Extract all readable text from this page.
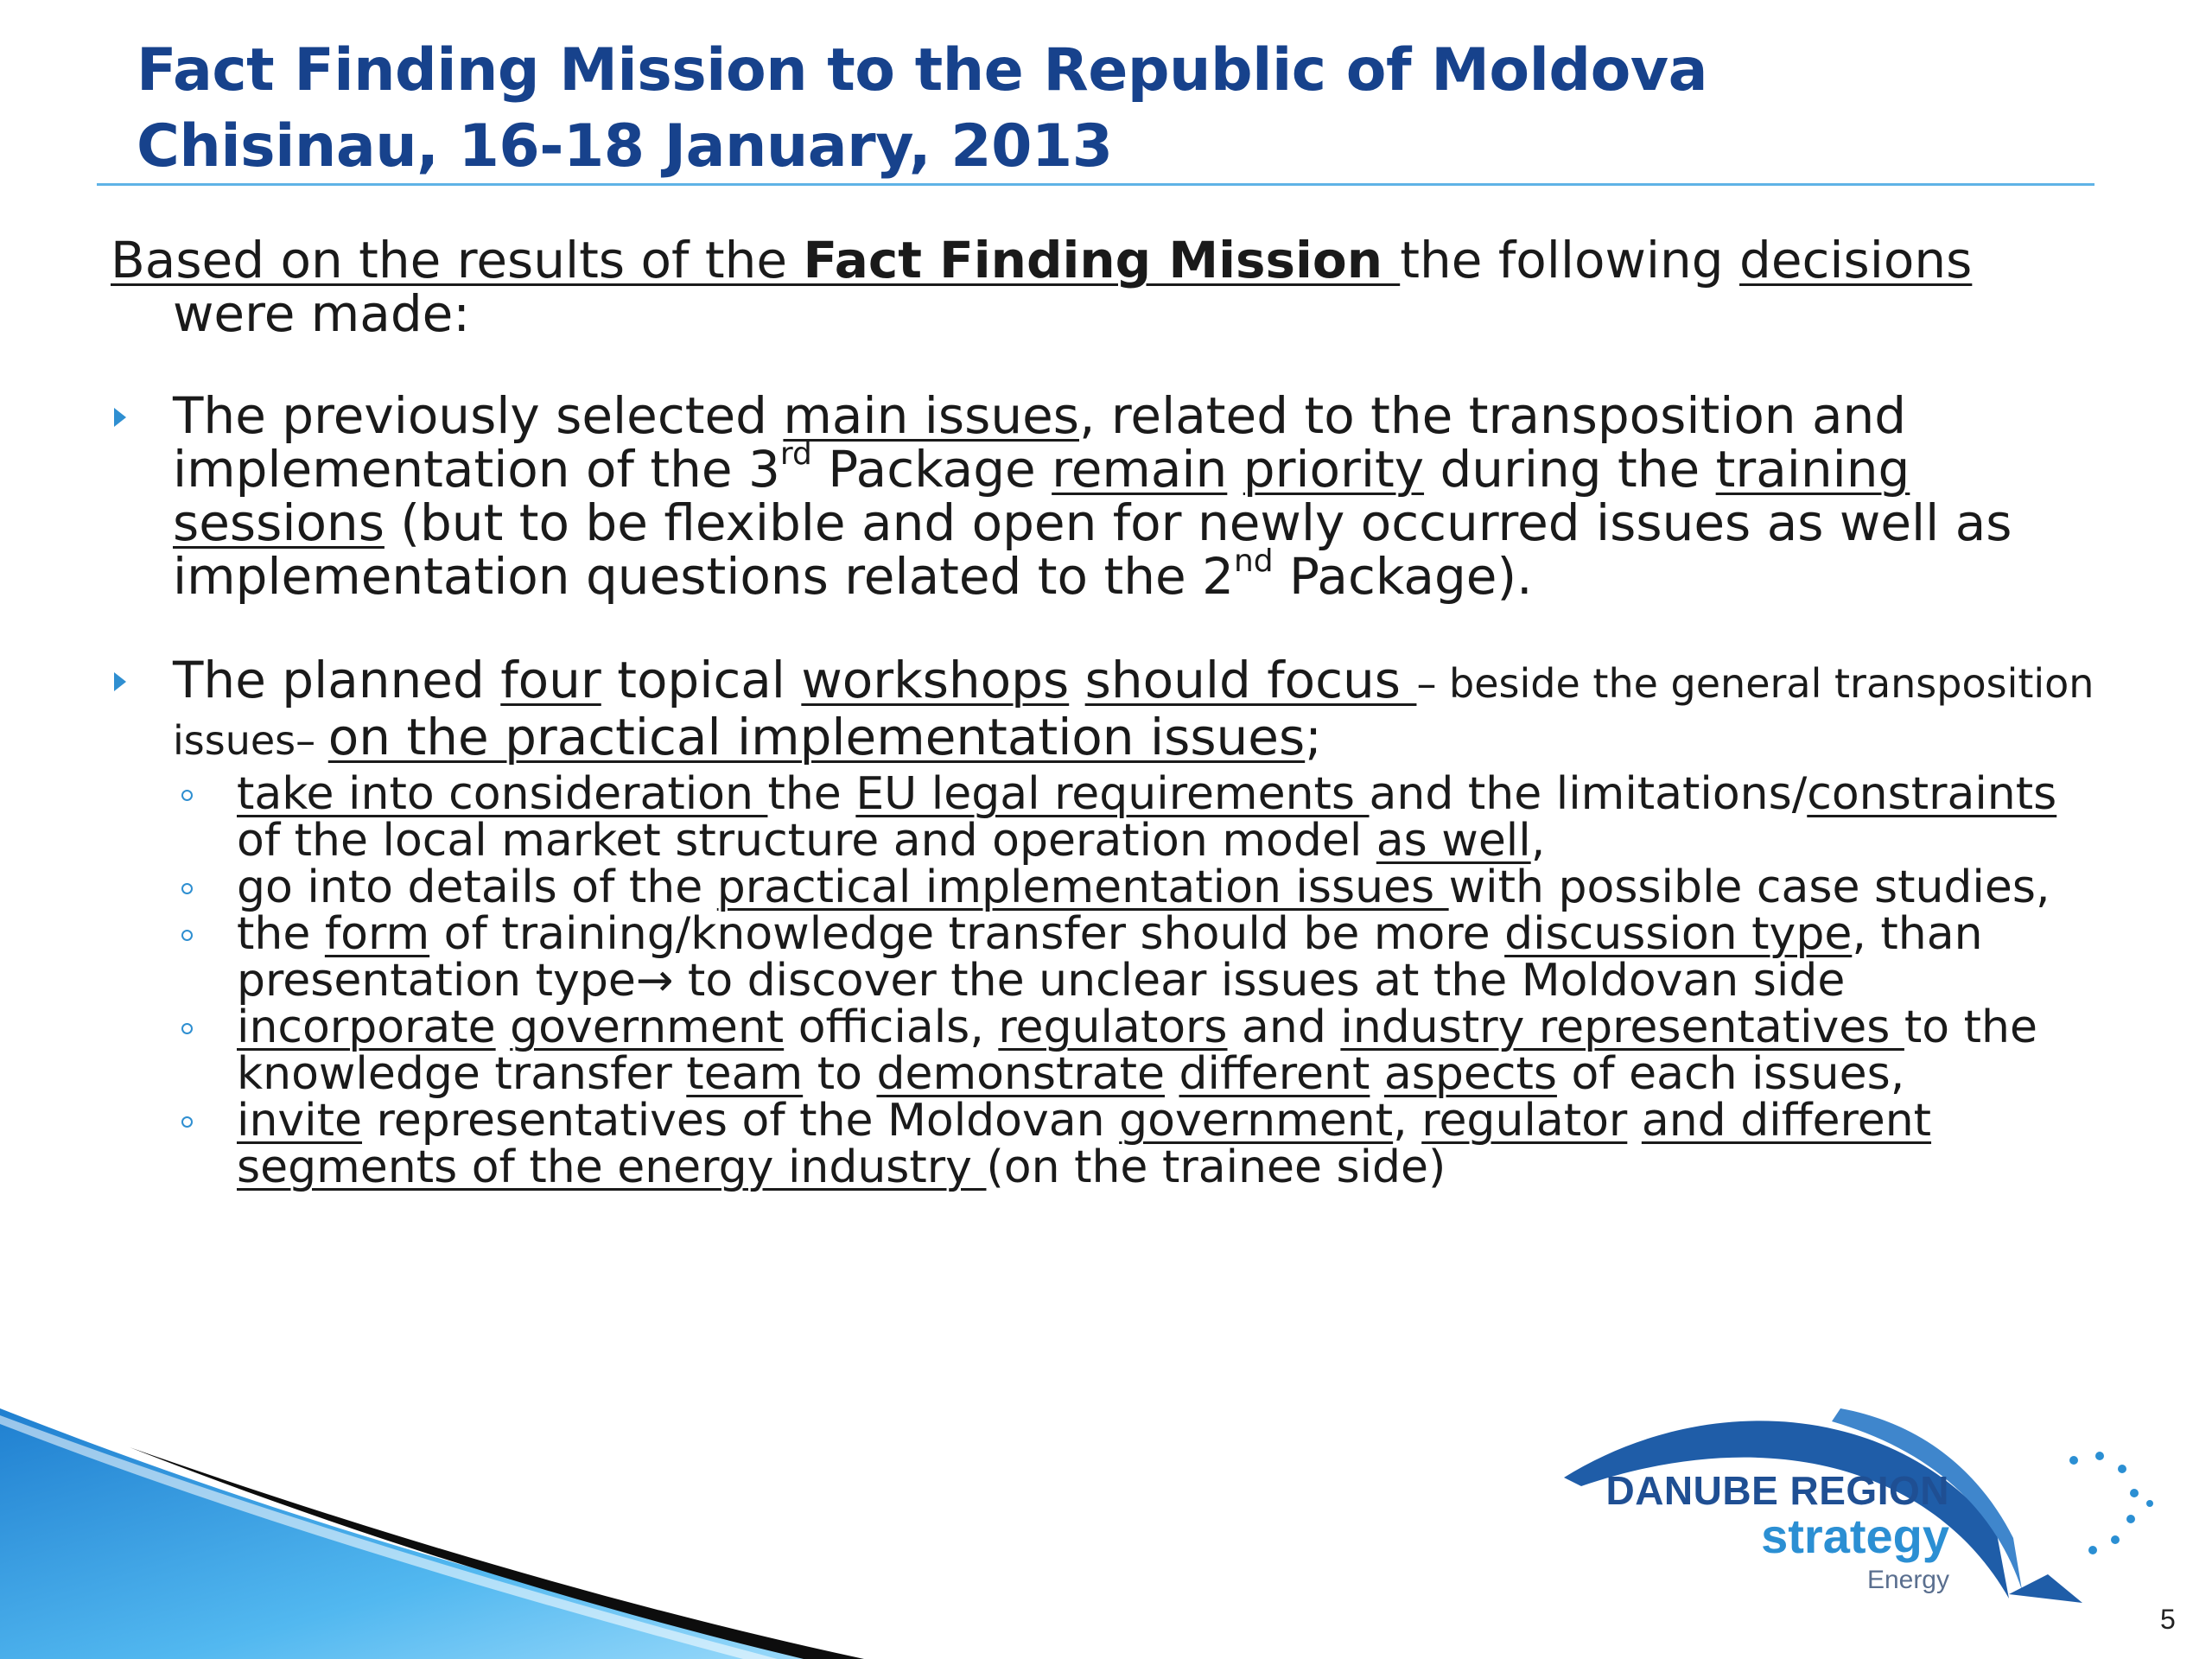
Fact Finding Mission to the Republic of Moldova
Chisinau, 16-18 January, 2013

Based on the results of the Fact Finding Mission the following decisions were made:

The previously selected main issues, related to the transposition and implementation of the 3rd Package remain priority during the training sessions (but to be flexible and open for newly occurred issues as well as implementation questions related to the 2nd Package).

The planned four topical workshops should focus – beside the general transposition issues– on the practical implementation issues;

take into consideration the EU legal requirements and the limitations/constraints of the local market structure and operation model as well,

go into details of the practical implementation issues with possible case studies,

the form of training/knowledge transfer should be more discussion type, than presentation type→ to discover the unclear issues at the Moldovan side

incorporate government officials, regulators and industry representatives to the knowledge transfer team to demonstrate different aspects of each issues,

invite representatives of the Moldovan government, regulator and different segments of the energy industry (on the trainee side)

DANUBE REGION
strategy
Energy
5
